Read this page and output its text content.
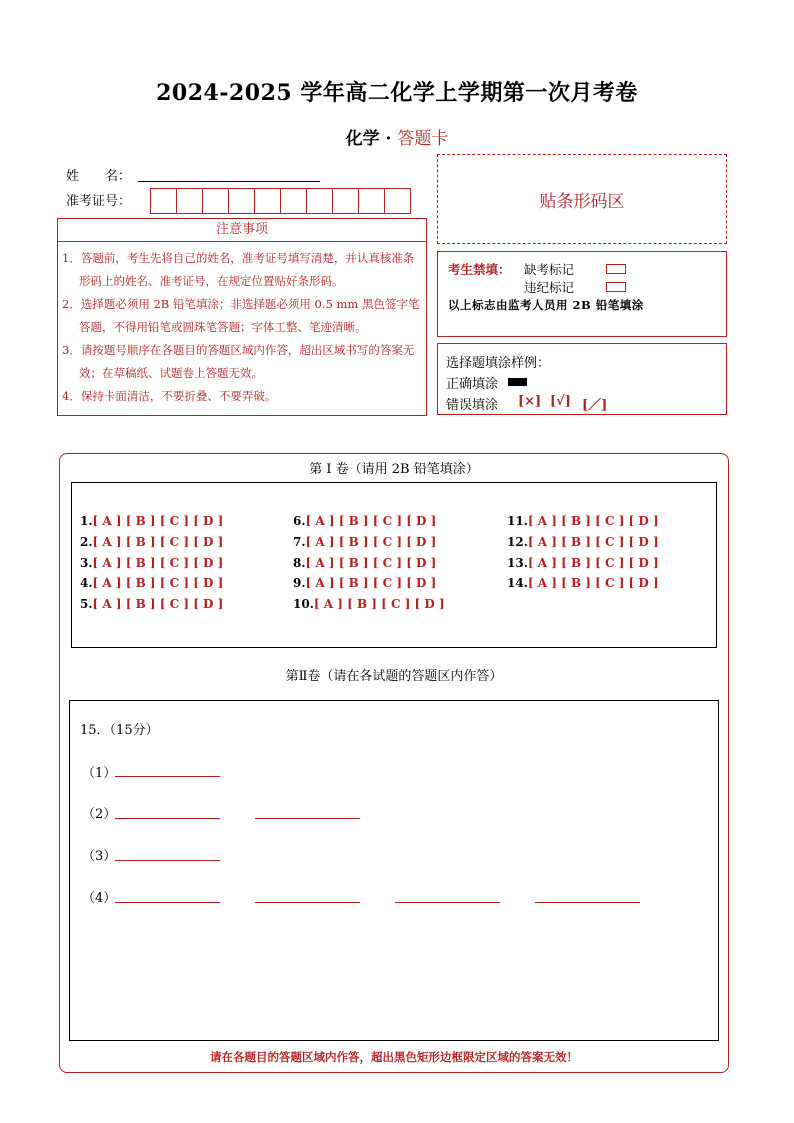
2024-2025 学年高二化学上学期第一次月考卷
化学 · 答题卡
姓　　名：
准考证号：	贴条形码区
注意事项

1．答题前，考生先将自己的姓名，准考证号填写清楚，并认真核准条形码上的姓名、准考证号，在规定位置贴好条形码。

2．选择题必须用 2B 铅笔填涂；非选择题必须用 0.5 mm 黑色签字笔答题，不得用铅笔或圆珠笔答题；字体工整、笔迹清晰。

3．请按题号顺序在各题目的答题区域内作答，超出区域书写的答案无效；在草稿纸、试题卷上答题无效。

4．保持卡面清洁，不要折叠、不要弄破。

考生禁填： 缺考标记
违纪标记
以上标志由监考人员用 2B 铅笔填涂
选择题填涂样例：
正确填涂
错误填涂 [×] [√] [／]
第 I 卷（请用 2B 铅笔填涂）
1.[ A ] [ B ] [ C ] [ D ]
2.[ A ] [ B ] [ C ] [ D ]
3.[ A ] [ B ] [ C ] [ D ]
4.[ A ] [ B ] [ C ] [ D ]
5.[ A ] [ B ] [ C ] [ D ]
6.[ A ] [ B ] [ C ] [ D ]
7.[ A ] [ B ] [ C ] [ D ]
8.[ A ] [ B ] [ C ] [ D ]
9.[ A ] [ B ] [ C ] [ D ]
10.[ A ] [ B ] [ C ] [ D ]
11.[ A ] [ B ] [ C ] [ D ]
12.[ A ] [ B ] [ C ] [ D ]
13.[ A ] [ B ] [ C ] [ D ]
14.[ A ] [ B ] [ C ] [ D ]
第Ⅱ卷（请在各试题的答题区内作答）
15．（15分）
（1）
（2）
（3）
（4）
请在各题目的答题区域内作答，超出黑色矩形边框限定区域的答案无效！
